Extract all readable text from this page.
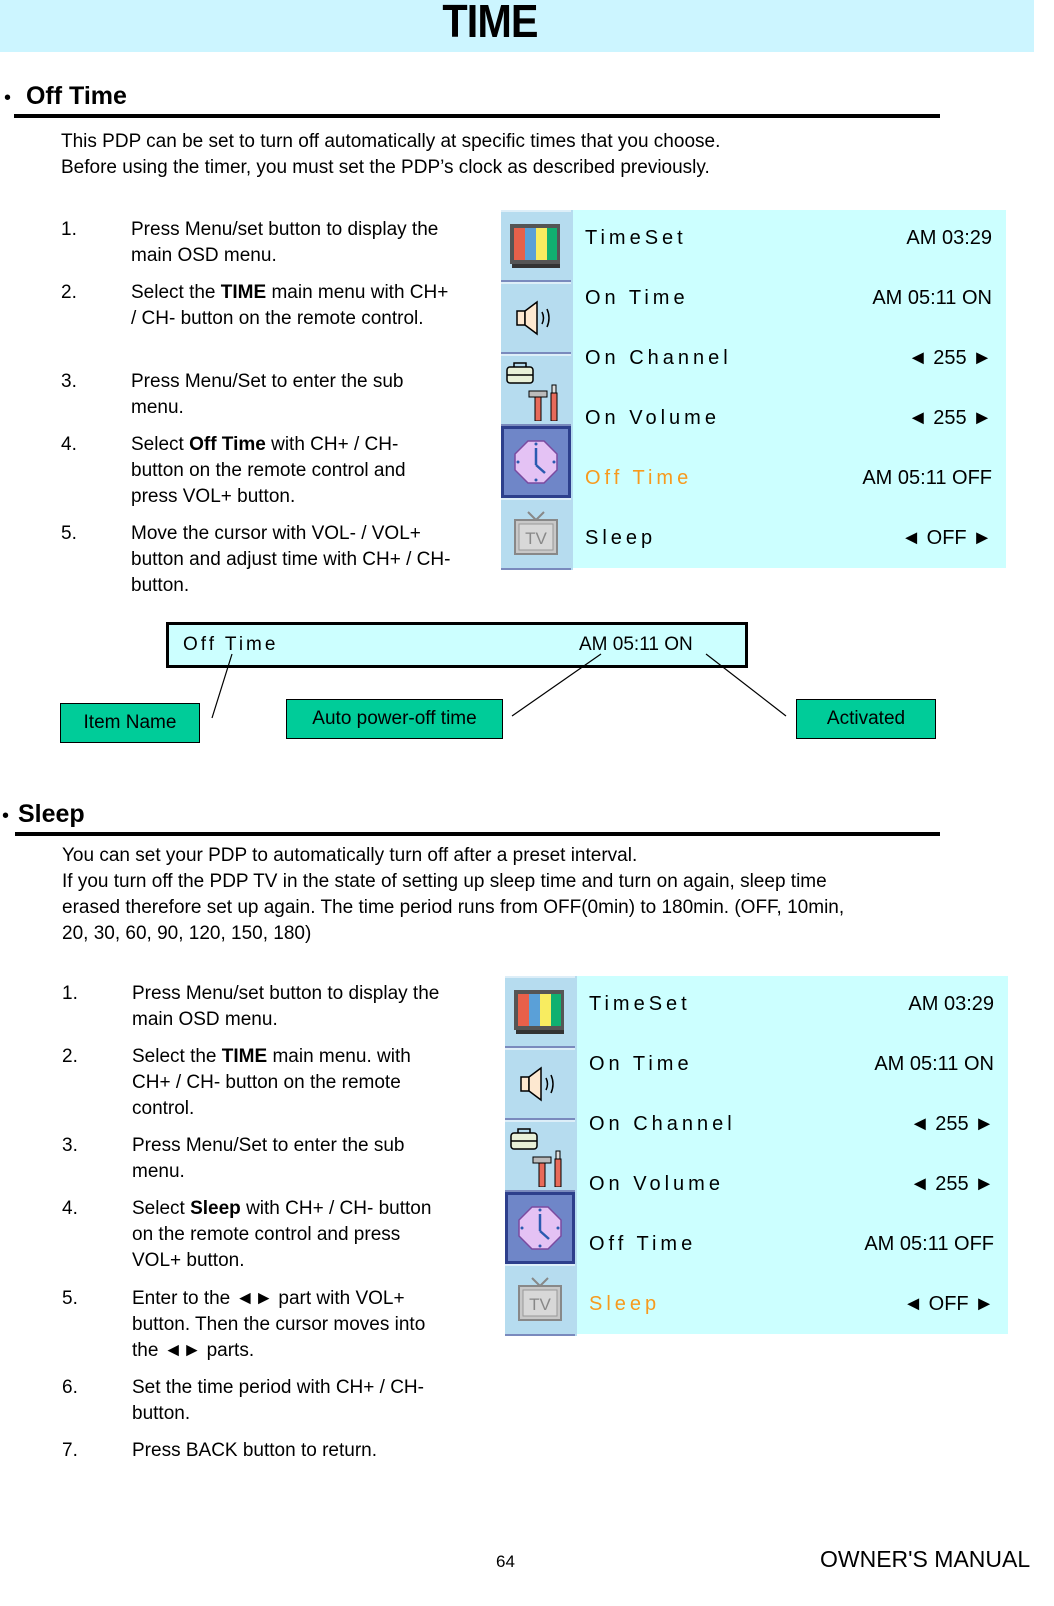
TIME
• Off Time
This PDP can be set to turn off automatically at specific times that you choose.
Before using the timer, you must set the PDP’s clock as described previously.
1.	Press Menu/set button to display the main OSD menu.
2.	Select the TIME main menu with CH+ / CH- button on the remote control.
3.	Press Menu/Set to enter the sub menu.
4.	Select Off Time with CH+ / CH- button on the remote control and press VOL+ button.
5.	Move the cursor with VOL- / VOL+ button and adjust time with CH+ / CH- button.
TV
TimeSet	AM 03:29
On Time	AM 05:11 ON
On Channel	◄ 255 ►
On Volume	◄ 255 ►
Off Time	AM 05:11 OFF
Sleep	◄ OFF ►
Off Time	AM 05:11 ON
Item Name	Auto power-off time	Activated
• Sleep
You can set your PDP to automatically turn off after a preset interval.
If you turn off the PDP TV in the state of setting up sleep time and turn on again, sleep time
erased therefore set up again. The time period runs from OFF(0min) to 180min. (OFF, 10min,
20, 30, 60, 90, 120, 150, 180)
1.	Press Menu/set button to display the main OSD menu.
2.	Select the TIME main menu. with CH+ / CH- button on the remote control.
3.	Press Menu/Set to enter the sub menu.
4.	Select Sleep with CH+ / CH- button on the remote control and press VOL+ button.
5.	Enter to the ◄► part with VOL+ button. Then the cursor moves into the ◄► parts.
6.	Set the time period with CH+ / CH- button.
7.	Press BACK button to return.
TV
TimeSet	AM 03:29
On Time	AM 05:11 ON
On Channel	◄ 255 ►
On Volume	◄ 255 ►
Off Time	AM 05:11 OFF
Sleep	◄ OFF ►
64	OWNER'S MANUAL
